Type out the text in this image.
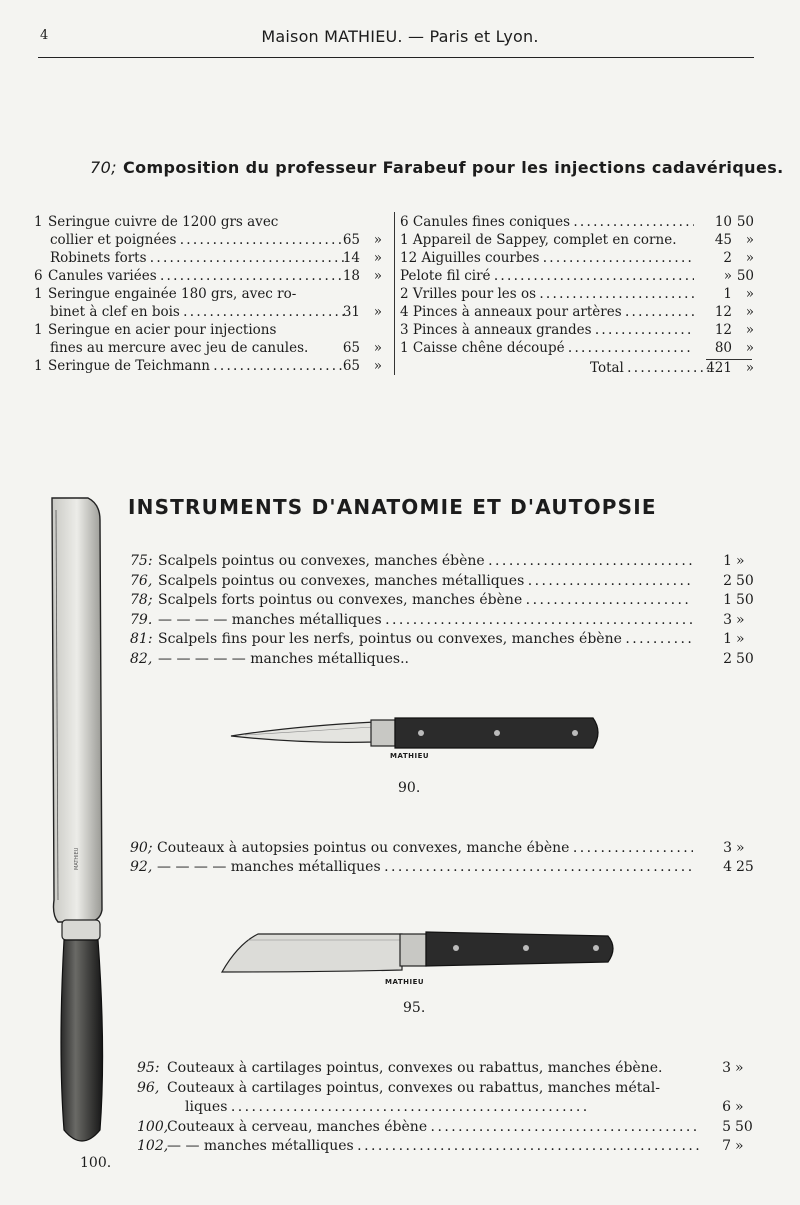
4	Maison MATHIEU. — Paris et Lyon.
70; Composition du professeur Farabeuf pour les injections cadavériques.
1 Seringue cuivre de 1200 grs avec
collier et poignées . . .	65	»
Robinets forts . . .	14	»
6 Canules variées . . .	18	»
1 Seringue engainée 180 grs, avec ro-
binet à clef en bois . . .	31	»
1 Seringue en acier pour injections
fines au mercure avec jeu de canules.	65	»
1 Seringue de Teichmann . . .	65	»
6 Canules fines coniques . . .	10 50
1 Appareil de Sappey, complet en corne.	45	»
12 Aiguilles courbes . . .	2	»
Pelote fil ciré . . .	» 50
2 Vrilles pour les os . . .	1	»
4 Pinces à anneaux pour artères . . .	12	»
3 Pinces à anneaux grandes . . .	12	»
1 Caisse chêne découpé . . .	80	»
Total . . .	421	»
MATHIEU
100.
INSTRUMENTS D'ANATOMIE ET D'AUTOPSIE
75: Scalpels pointus ou convexes, manches ébène . . .	1 »
76, Scalpels pointus ou convexes, manches métalliques . . .	2 50
78; Scalpels forts pointus ou convexes, manches ébène . . .	1 50
79. — — — — manches métalliques . . .	3 »
81: Scalpels fins pour les nerfs, pointus ou convexes, manches ébène . . .	1 »
82, — — — — — manches métalliques..	2 50
MATHIEU
90.
90; Couteaux à autopsies pointus ou convexes, manche ébène . . .	3 »
92, — — — — manches métalliques . . .	4 25
MATHIEU
95.
95: Couteaux à cartilages pointus, convexes ou rabattus, manches ébène.	3 »
96, Couteaux à cartilages pointus, convexes ou rabattus, manches métal-
liques . . .	6 »
100,
Couteaux à cerveau, manches ébène . . .	5 50
102,
— — manches métalliques . . .	7 »
